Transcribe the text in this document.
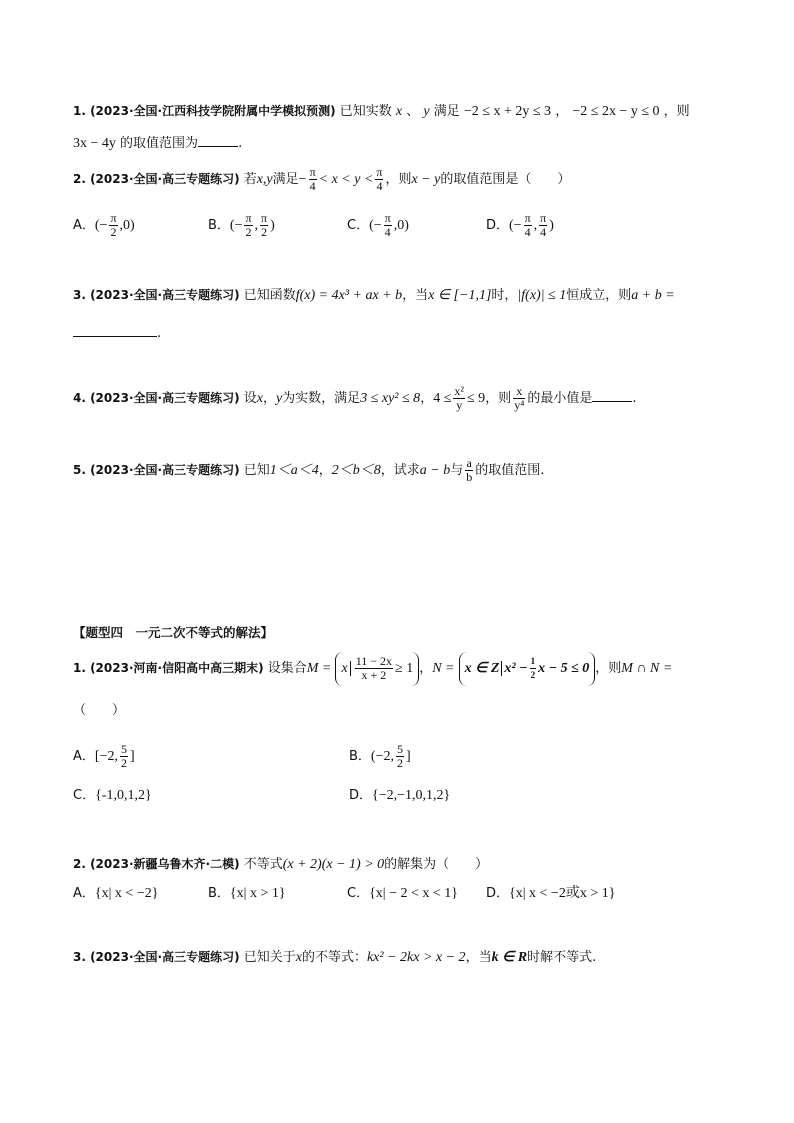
1. (2023·全国·江西科技学院附属中学模拟预测) 已知实数 x 、 y 满足 −2 ≤ x + 2y ≤ 3 ， −2 ≤ 2x − y ≤ 0 ，则
3x − 4y 的取值范围为	.
2. (2023·全国·高三专题练习) 若x,y满足− $\frac{\pi}{4} < x < y < \frac{\pi}{4}$ ，则x − y的取值范围是（　　）
A．(− $\frac{\pi}{2} ,0$)	B．(− $\frac{\pi}{2}$ , $\frac{\pi}{2}$ )	C．(− $\frac{\pi}{4} ,0$)	D．(− $\frac{\pi}{4}$ , $\frac{\pi}{4}$ )
3. (2023·全国·高三专题练习) 已知函数f(x) = 4x³ + ax + b，当x ∈ [−1,1]时，|f(x)| ≤ 1恒成立，则a + b =
.
4. (2023·全国·高三专题练习) 设x，y为实数，满足3 ≤ xy² ≤ 8，$4 \le \frac{\text{x²}}{y} \le 9$，则 $\frac{x}{\text{y⁴}}$ 的最小值是	.
5. (2023·全国·高三专题练习) 已知1＜a＜4，2＜b＜8，试求a − b与 $\frac{a}{b}$ 的取值范围.
【题型四　一元二次不等式的解法】
1. (2023·河南·信阳高中高三期末) 设集合M = x $\frac{11 - 2x}{x + 2} \ge 1$ ，N = x ∈ Z $x^2 - \frac{1}{2}$ x − 5 ≤ 0 ，则M ∩ N =
（　　）
A．[−2, $\frac{5}{2}$ ]	B．(−2, $\frac{5}{2}$ ]
C．{-1,0,1,2}	D．{−2,−1,0,1,2}
2. (2023·新疆乌鲁木齐·二模) 不等式(x + 2)(x − 1) > 0的解集为（　　）
A．{x| x < −2}	B．{x| x > 1}	C．{x| − 2 < x < 1} D．{x| x < −2或x > 1}
3. (2023·全国·高三专题练习) 已知关于x的不等式：kx² − 2kx > x − 2，当k ∈ R时解不等式.
